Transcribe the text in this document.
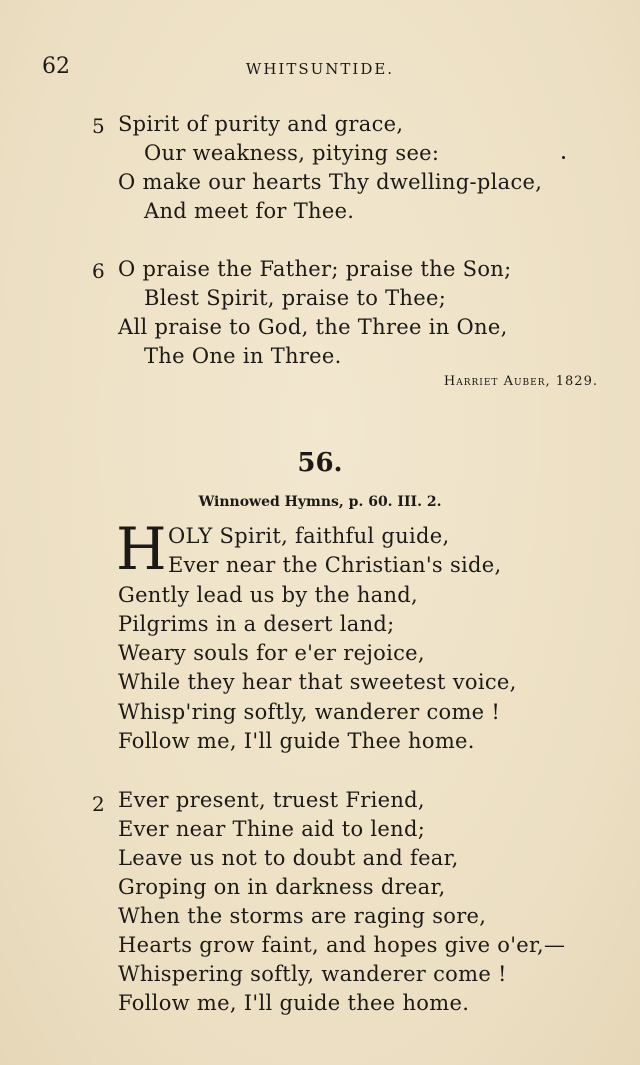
62	WHITSUNTIDE.
5 Spirit of purity and grace,
Our weakness, pitying see:
O make our hearts Thy dwelling-place,
And meet for Thee.
6 O praise the Father; praise the Son;
Blest Spirit, praise to Thee;
All praise to God, the Three in One,
The One in Three.
Harriet Auber, 1829.
56.
Winnowed Hymns, p. 60. III. 2.
H OLY Spirit, faithful guide,
Ever near the Christian's side,
Gently lead us by the hand,
Pilgrims in a desert land;
Weary souls for e'er rejoice,
While they hear that sweetest voice,
Whisp'ring softly, wanderer come !
Follow me, I'll guide Thee home.
2 Ever present, truest Friend,
Ever near Thine aid to lend;
Leave us not to doubt and fear,
Groping on in darkness drear,
When the storms are raging sore,
Hearts grow faint, and hopes give o'er,—
Whispering softly, wanderer come !
Follow me, I'll guide thee home.
